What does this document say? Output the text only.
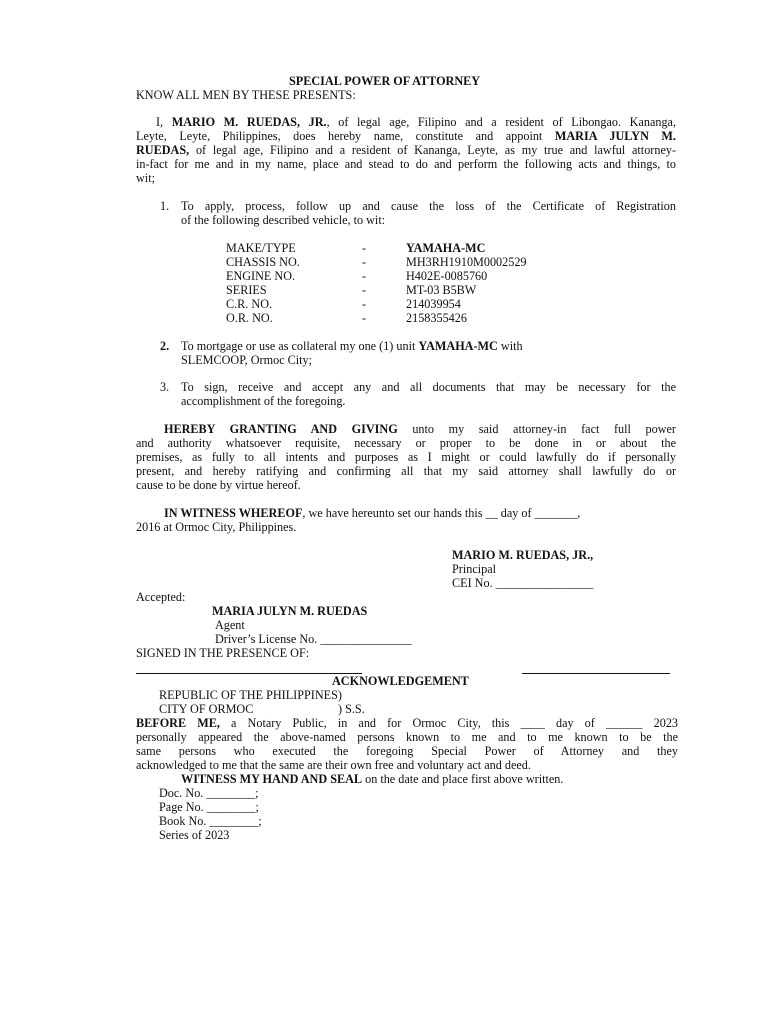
SPECIAL POWER OF ATTORNEY
KNOW ALL MEN BY THESE PRESENTS:
I, MARIO M. RUEDAS, JR., of legal age, Filipino and a resident of Libongao. Kananga,
Leyte, Leyte, Philippines, does hereby name, constitute and appoint MARIA JULYN M.
RUEDAS, of legal age, Filipino and a resident of Kananga, Leyte, as my true and lawful attorney-
in-fact for me and in my name, place and stead to do and perform the following acts and things, to
wit;
1. To apply, process, follow up and cause the loss of the Certificate of Registration
of the following described vehicle, to wit:
MAKE/TYPE	-	YAMAHA-MC
CHASSIS NO.	-	MH3RH1910M0002529
ENGINE NO.	-	H402E-0085760
SERIES	-	MT-03 B5BW
C.R. NO.	-	214039954
O.R. NO.	-	2158355426
2. To mortgage or use as collateral my one (1) unit YAMAHA-MC with
SLEMCOOP, Ormoc City;
3. To sign, receive and accept any and all documents that may be necessary for the
accomplishment of the foregoing.
HEREBY GRANTING AND GIVING unto my said attorney-in fact full power
and authority whatsoever requisite, necessary or proper to be done in or about the
premises, as fully to all intents and purposes as I might or could lawfully do if personally
present, and hereby ratifying and confirming all that my said attorney shall lawfully do or
cause to be done by virtue hereof.
IN WITNESS WHEREOF, we have hereunto set our hands this __ day of _______,
2016 at Ormoc City, Philippines.
MARIO M. RUEDAS, JR.,
Principal
CEI No. ________________
Accepted:
MARIA JULYN M. RUEDAS
Agent
Driver’s License No. _______________
SIGNED IN THE PRESENCE OF:
ACKNOWLEDGEMENT
REPUBLIC OF THE PHILIPPINES)
CITY OF ORMOC	) S.S.
BEFORE ME, a Notary Public, in and for Ormoc City, this ____ day of ______ 2023
personally appeared the above-named persons known to me and to me known to be the
same persons who executed the foregoing Special Power of Attorney and they
acknowledged to me that the same are their own free and voluntary act and deed.
WITNESS MY HAND AND SEAL on the date and place first above written.
Doc. No. ________;
Page No. ________;
Book No. ________;
Series of 2023
